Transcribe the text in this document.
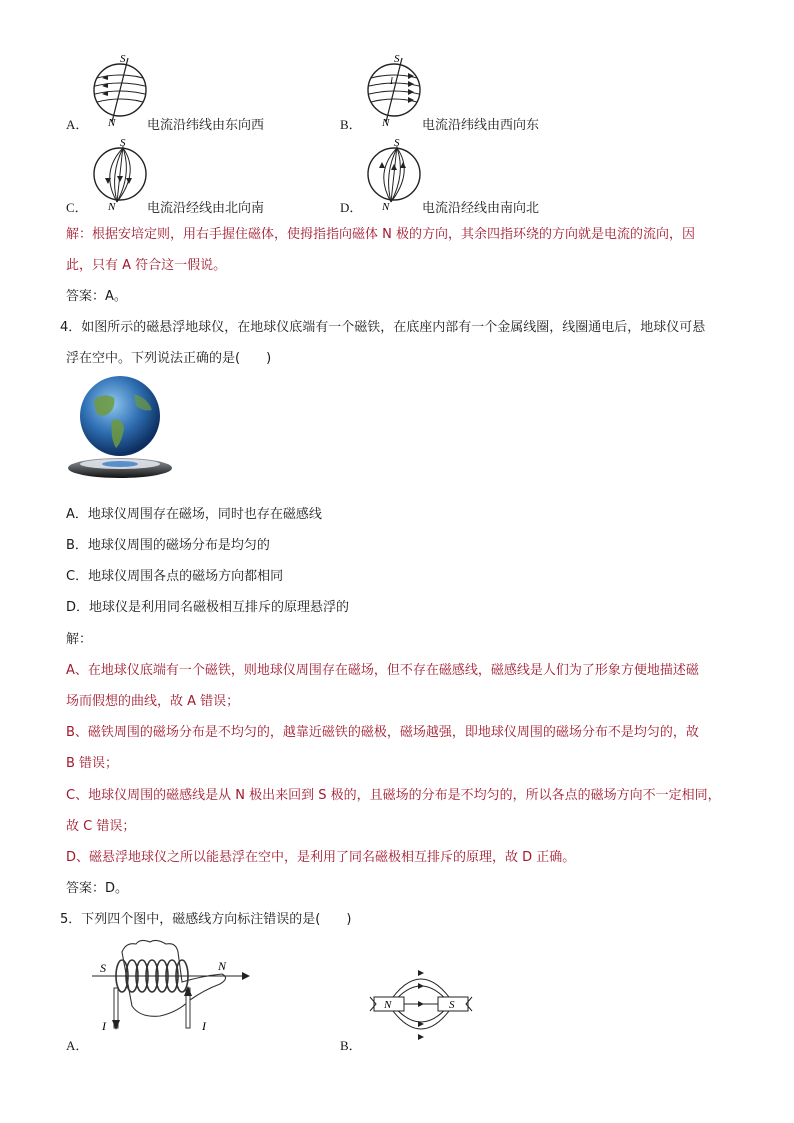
S
N
A．	电流沿纬线由东向西
S
I
N
B．	电流沿纬线由西向东
S
N
C．	电流沿经线由北向南
S
N
D．	电流沿经线由南向北
解：根据安培定则，用右手握住磁体，使拇指指向磁体 N 极的方向，其余四指环绕的方向就是电流的流向，因
此，只有 A 符合这一假说。
答案：A。
4．如图所示的磁悬浮地球仪，在地球仪底端有一个磁铁，在底座内部有一个金属线圈，线圈通电后，地球仪可悬
浮在空中。下列说法正确的是(　　)
A．地球仪周围存在磁场，同时也存在磁感线
B．地球仪周围的磁场分布是均匀的
C．地球仪周围各点的磁场方向都相同
D．地球仪是利用同名磁极相互排斥的原理悬浮的
解：
A、在地球仪底端有一个磁铁，则地球仪周围存在磁场，但不存在磁感线，磁感线是人们为了形象方便地描述磁
场而假想的曲线，故 A 错误；
B、磁铁周围的磁场分布是不均匀的，越靠近磁铁的磁极，磁场越强，即地球仪周围的磁场分布不是均匀的，故
B 错误；
C、地球仪周围的磁感线是从 N 极出来回到 S 极的，且磁场的分布是不均匀的，所以各点的磁场方向不一定相同，
故 C 错误；
D、磁悬浮地球仪之所以能悬浮在空中，是利用了同名磁极相互排斥的原理，故 D 正确。
答案：D。
5．下列四个图中，磁感线方向标注错误的是(　　)
S	N
I	I
A．
N	S
B．
